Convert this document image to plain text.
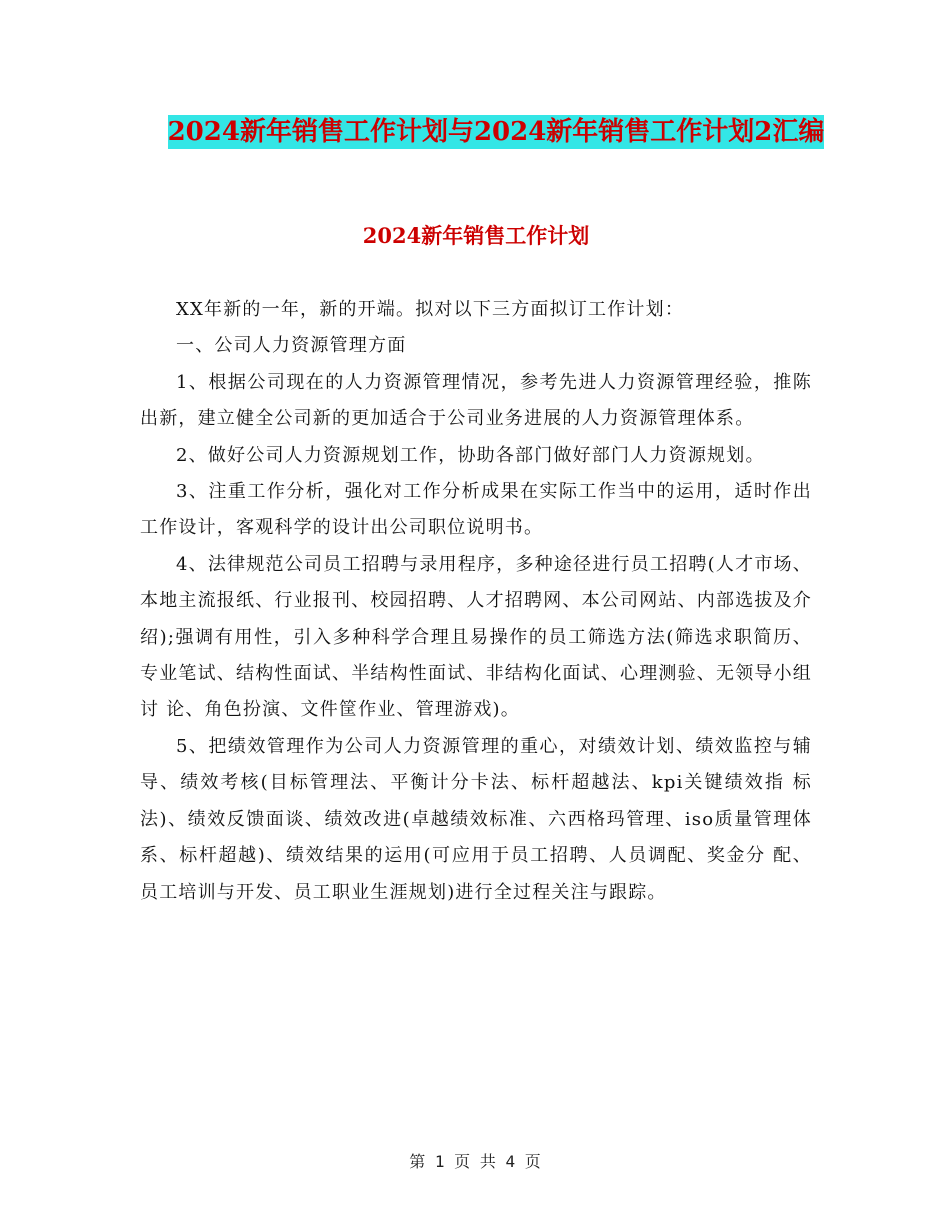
2024新年销售工作计划与2024新年销售工作计划2汇编
2024新年销售工作计划

XX年新的一年，新的开端。拟对以下三方面拟订工作计划：

一、公司人力资源管理方面

1、根据公司现在的人力资源管理情况，参考先进人力资源管理经验，推陈出新，建立健全公司新的更加适合于公司业务进展的人力资源管理体系。

2、做好公司人力资源规划工作，协助各部门做好部门人力资源规划。

3、注重工作分析，强化对工作分析成果在实际工作当中的运用，适时作出工作设计，客观科学的设计出公司职位说明书。

4、法律规范公司员工招聘与录用程序，多种途径进行员工招聘(人才市场、本地主流报纸、行业报刊、校园招聘、人才招聘网、本公司网站、内部选拔及介 绍);强调有用性，引入多种科学合理且易操作的员工筛选方法(筛选求职简历、专业笔试、结构性面试、半结构性面试、非结构化面试、心理测验、无领导小组讨 论、角色扮演、文件筐作业、管理游戏)。

5、把绩效管理作为公司人力资源管理的重心，对绩效计划、绩效监控与辅导、绩效考核(目标管理法、平衡计分卡法、标杆超越法、kpi关键绩效指 标法)、绩效反馈面谈、绩效改进(卓越绩效标准、六西格玛管理、iso质量管理体系、标杆超越)、绩效结果的运用(可应用于员工招聘、人员调配、奖金分 配、员工培训与开发、员工职业生涯规划)进行全过程关注与跟踪。

第 1 页 共 4 页
